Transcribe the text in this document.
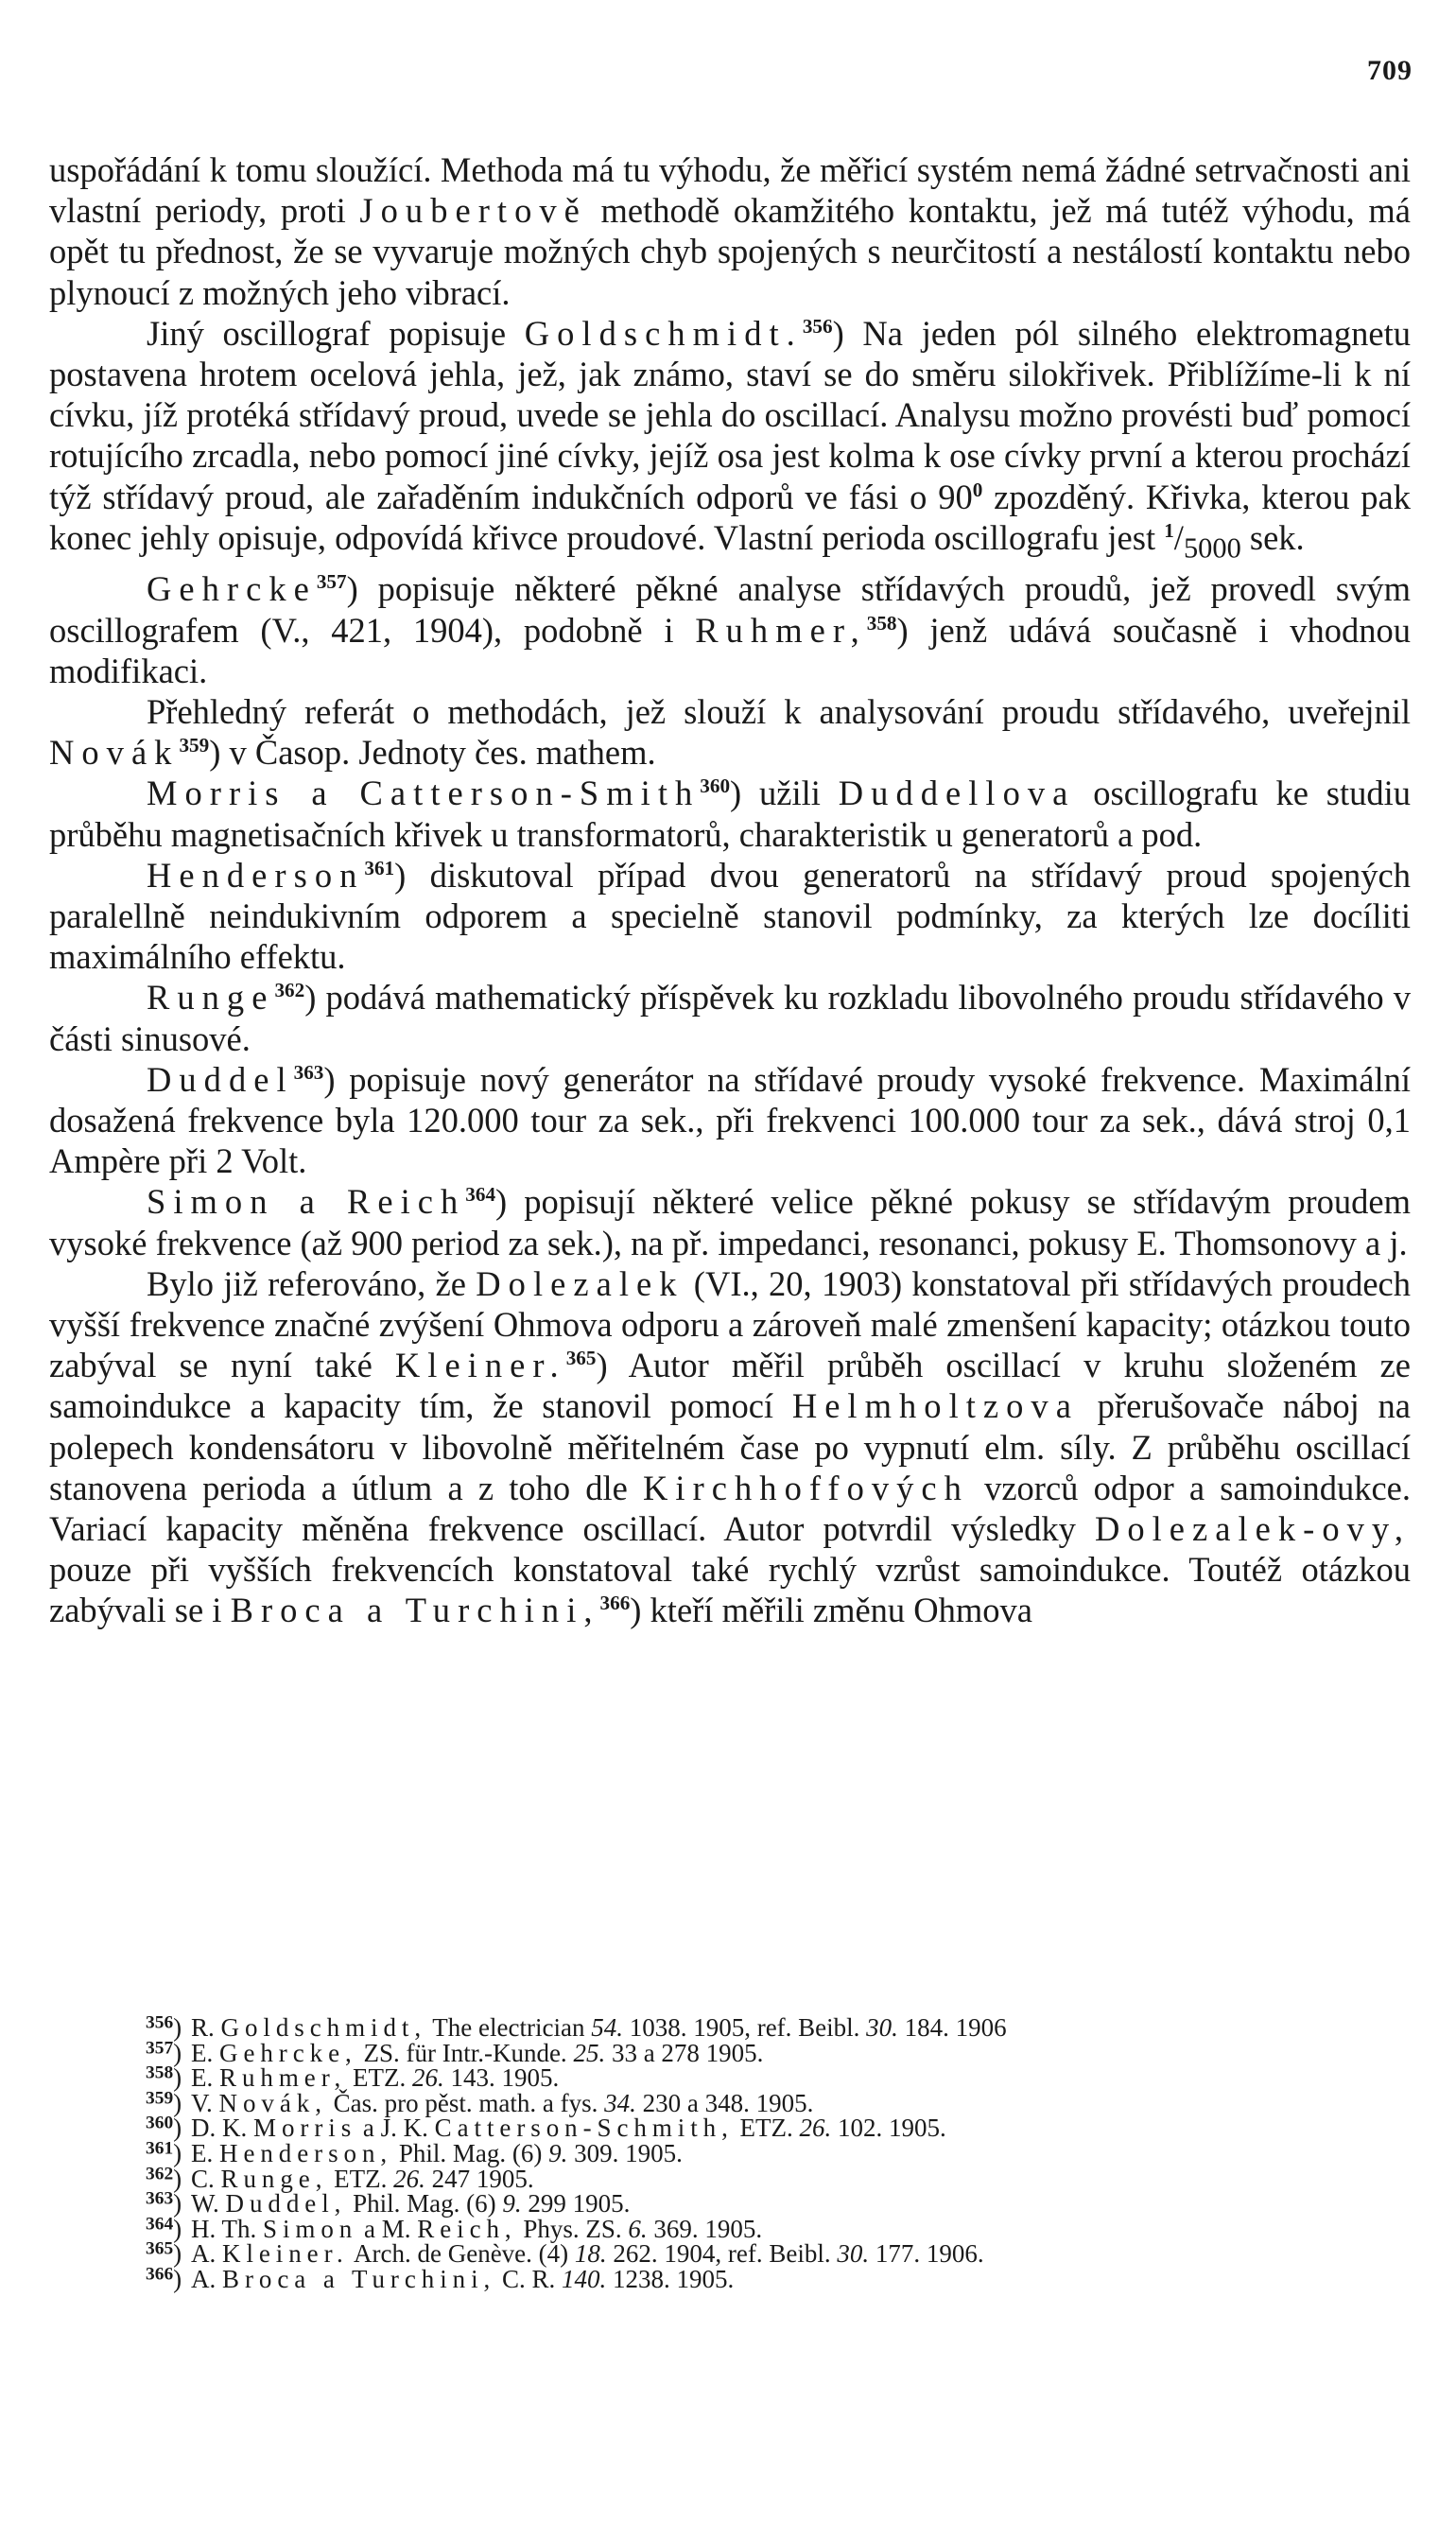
709

uspořádání k tomu sloužící. Methoda má tu výhodu, že měřicí systém nemá žádné setrvačnosti ani vlastní periody, proti Joubertově methodě okamžitého kontaktu, jež má tutéž výhodu, má opět tu přednost, že se vyvaruje možných chyb spojených s neurčitostí a nestálostí kontaktu nebo plynoucí z možných jeho vibrací.

Jiný oscillograf popisuje Goldschmidt.$^{356}$) Na jeden pól silného elektromagnetu postavena hrotem ocelová jehla, jež, jak známo, staví se do směru silokřivek. Přiblížíme-li k ní cívku, jíž protéká střídavý proud, uvede se jehla do oscillací. Analysu možno provésti buď pomocí rotujícího zrcadla, nebo pomocí jiné cívky, jejíž osa jest kolma k ose cívky první a kterou prochází týž střídavý proud, ale zařaděním indukčních odporů ve fási o $90^0$ zpozděný. Křivka, kterou pak konec jehly opisuje, odpovídá křivce proudové. Vlastní perioda oscillografu jest $^1/_{5000}$ sek.

Gehrcke$^{357}$) popisuje některé pěkné analyse střídavých proudů, jež provedl svým oscillografem (V., 421, 1904), podobně i Ruhmer,$^{358}$) jenž udává současně i vhodnou modifikaci.

Přehledný referát o methodách, jež slouží k analysování proudu střídavého, uveřejnil Novák$^{359}$) v Časop. Jednoty čes. mathem.

Morris a Catterson-Smith$^{360}$) užili Duddellova oscillografu ke studiu průběhu magnetisačních křivek u transformatorů, charakteristik u generatorů a pod.

Henderson$^{361}$) diskutoval případ dvou generatorů na střídavý proud spojených paralellně neindukivním odporem a specielně stanovil podmínky, za kterých lze docíliti maximálního effektu.

Runge$^{362}$) podává mathematický příspěvek ku rozkladu libovolného proudu střídavého v části sinusové.

Duddel$^{363}$) popisuje nový generátor na střídavé proudy vysoké frekvence. Maximální dosažená frekvence byla 120.000 tour za sek., při frekvenci 100.000 tour za sek., dává stroj 0,1 Ampère při 2 Volt.

Simon a Reich$^{364}$) popisují některé velice pěkné pokusy se střídavým proudem vysoké frekvence (až 900 period za sek.), na př. impedanci, resonanci, pokusy E. Thomsonovy a j.

Bylo již referováno, že Dolezalek (VI., 20, 1903) konstatoval při střídavých proudech vyšší frekvence značné zvýšení Ohmova odporu a zároveň malé zmenšení kapacity; otázkou touto zabýval se nyní také Kleiner.$^{365}$) Autor měřil průběh oscillací v kruhu složeném ze samoindukce a kapacity tím, že stanovil pomocí Helmholtzova přerušovače náboj na polepech kondensátoru v libovolně měřitelném čase po vypnutí elm. síly. Z průběhu oscillací stanovena perioda a útlum a z toho dle Kirchhoffových vzorců odpor a samoindukce. Variací kapacity měněna frekvence oscillací. Autor potvrdil výsledky Dolezalek-ovy, pouze při vyšších frekvencích konstatoval také rychlý vzrůst samoindukce. Toutéž otázkou zabývali se i Broca a Turchini,$^{366}$) kteří měřili změnu Ohmova

$^{356}$) R. Goldschmidt, The electrician 54. 1038. 1905, ref. Beibl. 30. 184. 1906
$^{357}$) E. Gehrcke, ZS. für Intr.-Kunde. 25. 33 a 278 1905.
$^{358}$) E. Ruhmer, ETZ. 26. 143. 1905.
$^{359}$) V. Novák, Čas. pro pěst. math. a fys. 34. 230 a 348. 1905.
$^{360}$) D. K. Morris a J. K. Catterson-Schmith, ETZ. 26. 102. 1905.
$^{361}$) E. Henderson, Phil. Mag. (6) 9. 309. 1905.
$^{362}$) C. Runge, ETZ. 26. 247 1905.
$^{363}$) W. Duddel, Phil. Mag. (6) 9. 299 1905.
$^{364}$) H. Th. Simon a M. Reich, Phys. ZS. 6. 369. 1905.
$^{365}$) A. Kleiner. Arch. de Genève. (4) 18. 262. 1904, ref. Beibl. 30. 177. 1906.
$^{366}$) A. Broca a Turchini, C. R. 140. 1238. 1905.
